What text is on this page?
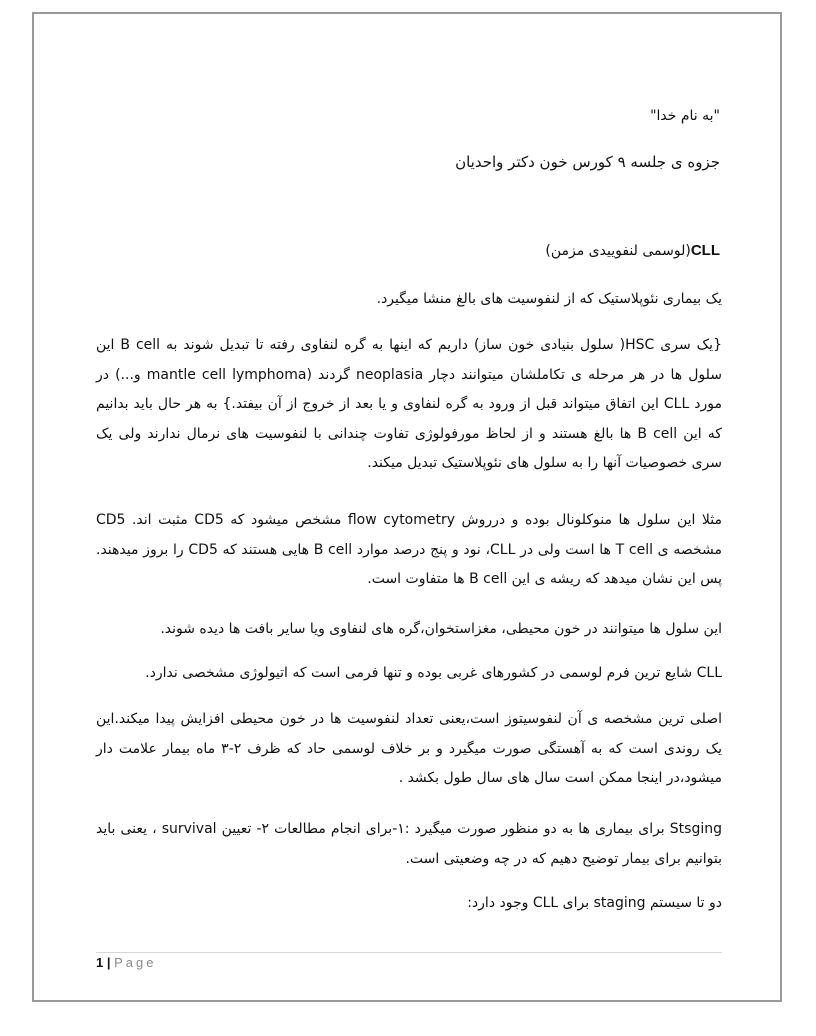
"به نام خدا"
جزوه ی جلسه ۹ کورس خون دکتر واحدیان
CLL(لوسمی لنفوییدی مزمن)
یک بیماری نئوپلاستیک که از لنفوسیت های بالغ منشا میگیرد.
{یک سری HSC( سلول بنیادی خون ساز) داریم که اینها به گره لنفاوی رفته تا تبدیل شوند به B cell این سلول ها در هر مرحله ی تکاملشان میتوانند دچار neoplasia گردند (mantle cell lymphoma و...) در مورد CLL این اتفاق میتواند قبل از ورود به گره لنفاوی و یا بعد از خروج از آن بیفتد.} به هر حال باید بدانیم که این B cell ها بالغ هستند و از لحاظ مورفولوژی تفاوت چندانی با لنفوسیت های نرمال ندارند ولی یک سری خصوصیات آنها را به سلول های نئوپلاستیک تبدیل میکند.
مثلا این سلول ها منوکلونال بوده و درروش flow cytometry مشخص میشود که CD5 مثبت اند. CD5 مشخصه ی T cell ها است ولی در CLL، نود و پنج درصد موارد B cell هایی هستند که CD5 را بروز میدهند. پس این نشان میدهد که ریشه ی این B cell ها متفاوت است.
این سلول ها میتوانند در خون محیطی، مغزاستخوان،گره های لنفاوی ویا سایر بافت ها دیده شوند.
CLL شایع ترین فرم لوسمی در کشورهای غربی بوده و تنها فرمی است که اتیولوژی مشخصی ندارد.
اصلی ترین مشخصه ی آن لنفوسیتوز است،یعنی تعداد لنفوسیت ها در خون محیطی افزایش پیدا میکند.این یک روندی است که به آهستگی صورت میگیرد و بر خلاف لوسمی حاد که ظرف ۲-۳ ماه بیمار علامت دار میشود،در اینجا ممکن است سال های سال طول بکشد .
Stsging برای بیماری ها به دو منظور صورت میگیرد :۱-برای انجام مطالعات ۲- تعیین survival ، یعنی باید بتوانیم برای بیمار توضیح دهیم که در چه وضعیتی است.
دو تا سیستم staging برای CLL وجود دارد:
1 | Page
